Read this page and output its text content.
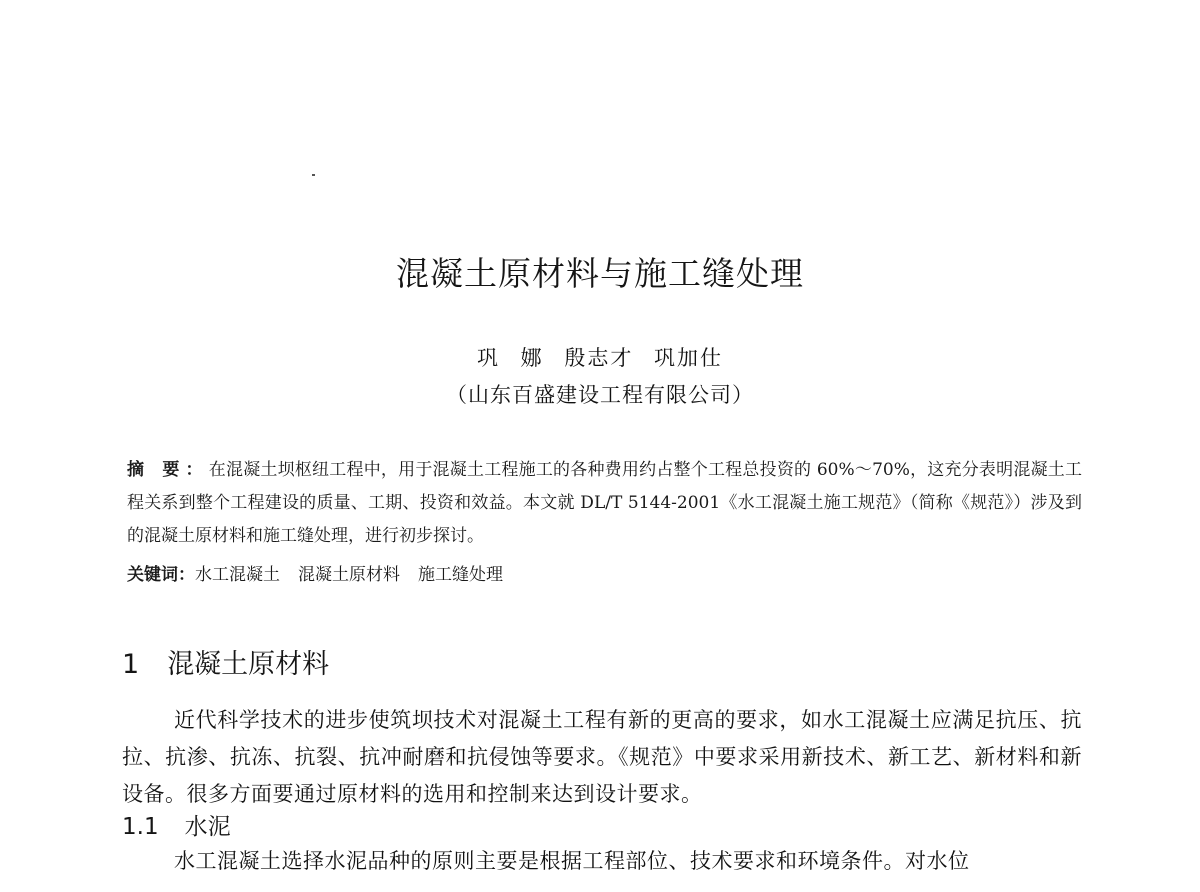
混凝土原材料与施工缝处理
巩 娜 殷志才 巩加仕
（山东百盛建设工程有限公司）
摘 要：在混凝土坝枢纽工程中，用于混凝土工程施工的各种费用约占整个工程总投资的 60%～70%，这充分表明混凝土工程关系到整个工程建设的质量、工期、投资和效益。本文就 DL/T 5144-2001《水工混凝土施工规范》（简称《规范》）涉及到的混凝土原材料和施工缝处理，进行初步探讨。
关键词：水工混凝土 混凝土原材料 施工缝处理
1 混凝土原材料
近代科学技术的进步使筑坝技术对混凝土工程有新的更高的要求，如水工混凝土应满足抗压、抗拉、抗渗、抗冻、抗裂、抗冲耐磨和抗侵蚀等要求。《规范》中要求采用新技术、新工艺、新材料和新设备。很多方面要通过原材料的选用和控制来达到设计要求。
1.1 水泥
水工混凝土选择水泥品种的原则主要是根据工程部位、技术要求和环境条件。对水位
